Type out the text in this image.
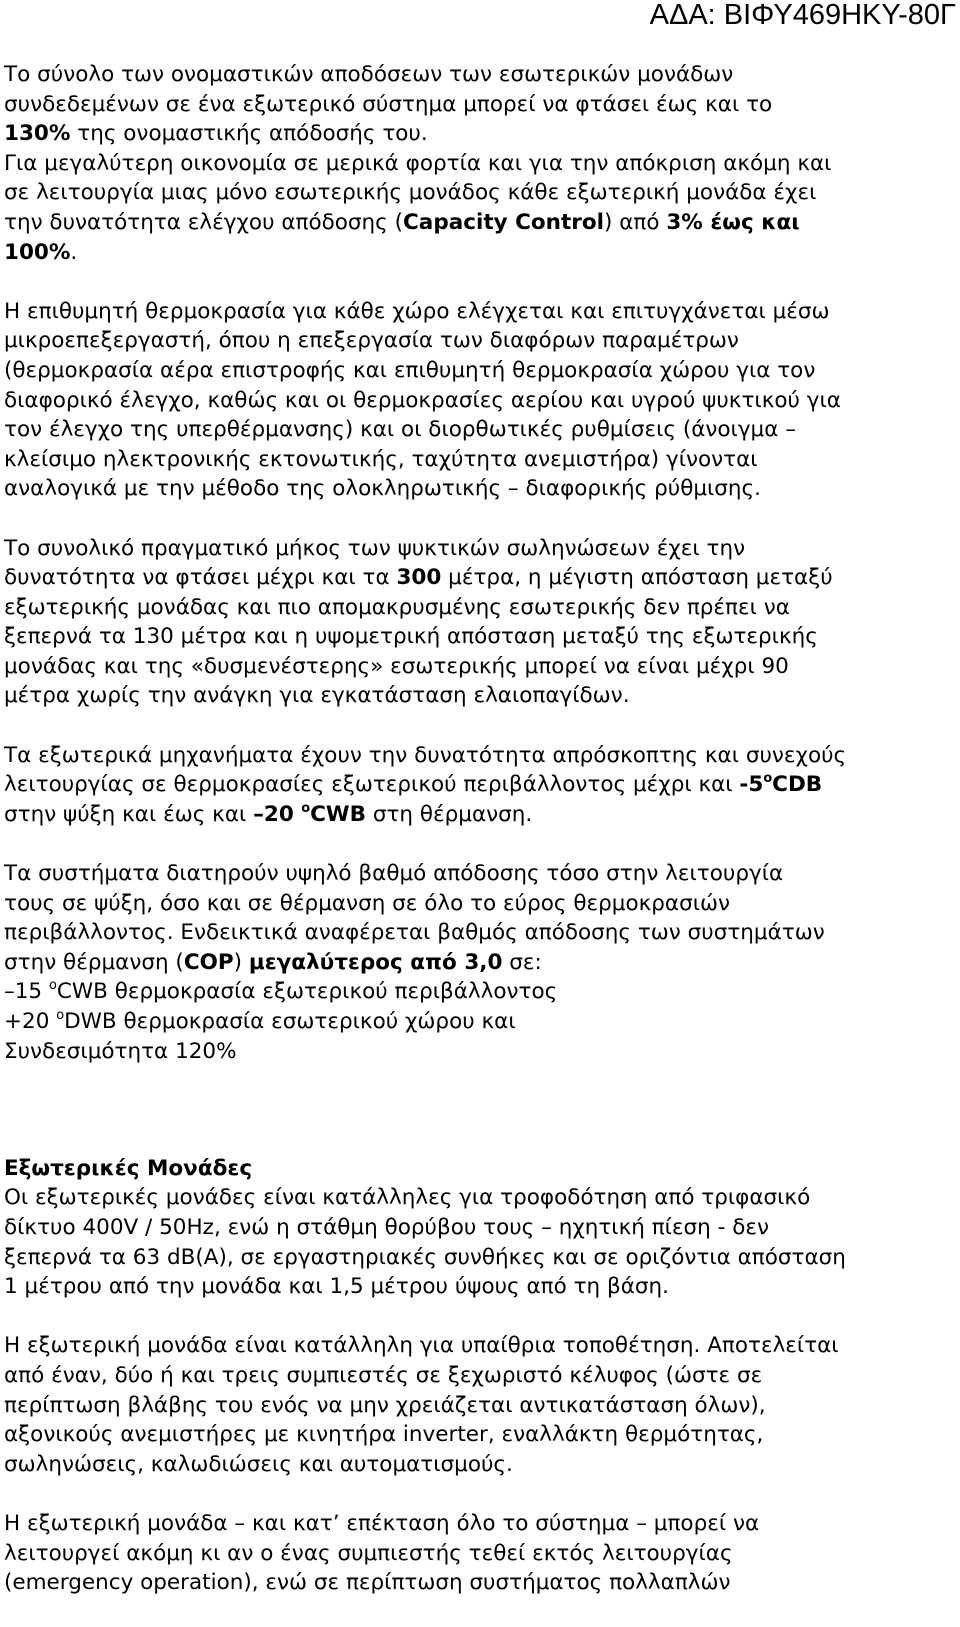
ΑΔΑ: ΒΙΦΥ469ΗΚΥ-80Γ
Το σύνολο των ονομαστικών αποδόσεων των εσωτερικών μονάδων
συνδεδεμένων σε ένα εξωτερικό σύστημα μπορεί να φτάσει έως και το
130% της ονομαστικής απόδοσής του.
Για μεγαλύτερη οικονομία σε μερικά φορτία και για την απόκριση ακόμη και
σε λειτουργία μιας μόνο εσωτερικής μονάδος κάθε εξωτερική μονάδα έχει
την δυνατότητα ελέγχου απόδοσης (Capacity Control) από 3% έως και
100%.
Η επιθυμητή θερμοκρασία για κάθε χώρο ελέγχεται και επιτυγχάνεται μέσω
μικροεπεξεργαστή, όπου η επεξεργασία των διαφόρων παραμέτρων
(θερμοκρασία αέρα επιστροφής και επιθυμητή θερμοκρασία χώρου για τον
διαφορικό έλεγχο, καθώς και οι θερμοκρασίες αερίου και υγρού ψυκτικού για
τον έλεγχο της υπερθέρμανσης) και οι διορθωτικές ρυθμίσεις (άνοιγμα –
κλείσιμο ηλεκτρονικής εκτονωτικής, ταχύτητα ανεμιστήρα) γίνονται
αναλογικά με την μέθοδο της ολοκληρωτικής – διαφορικής ρύθμισης.
Το συνολικό πραγματικό μήκος των ψυκτικών σωληνώσεων έχει την
δυνατότητα να φτάσει μέχρι και τα 300 μέτρα, η μέγιστη απόσταση μεταξύ
εξωτερικής μονάδας και πιο απομακρυσμένης εσωτερικής δεν πρέπει να
ξεπερνά τα 130 μέτρα και η υψομετρική απόσταση μεταξύ της εξωτερικής
μονάδας και της «δυσμενέστερης» εσωτερικής μπορεί να είναι μέχρι 90
μέτρα χωρίς την ανάγκη για εγκατάσταση ελαιοπαγίδων.
Τα εξωτερικά μηχανήματα έχουν την δυνατότητα απρόσκοπτης και συνεχούς
λειτουργίας σε θερμοκρασίες εξωτερικού περιβάλλοντος μέχρι και -5$^o$CDB
στην ψύξη και έως και –20 $^o$CWB στη θέρμανση.
Τα συστήματα διατηρούν υψηλό βαθμό απόδοσης τόσο στην λειτουργία
τους σε ψύξη, όσο και σε θέρμανση σε όλο το εύρος θερμοκρασιών
περιβάλλοντος. Ενδεικτικά αναφέρεται βαθμός απόδοσης των συστημάτων
στην θέρμανση (COP) μεγαλύτερος από 3,0 σε:
–15 $^o$CWB θερμοκρασία εξωτερικού περιβάλλοντος
+20 $^o$DWB θερμοκρασία εσωτερικού χώρου και
Συνδεσιμότητα 120%
Εξωτερικές Μονάδες
Οι εξωτερικές μονάδες είναι κατάλληλες για τροφοδότηση από τριφασικό
δίκτυο 400V / 50Hz, ενώ η στάθμη θορύβου τους – ηχητική πίεση - δεν
ξεπερνά τα 63 dB(A), σε εργαστηριακές συνθήκες και σε οριζόντια απόσταση
1 μέτρου από την μονάδα και 1,5 μέτρου ύψους από τη βάση.
Η εξωτερική μονάδα είναι κατάλληλη για υπαίθρια τοποθέτηση. Αποτελείται
από έναν, δύο ή και τρεις συμπιεστές σε ξεχωριστό κέλυφος (ώστε σε
περίπτωση βλάβης του ενός να μην χρειάζεται αντικατάσταση όλων),
αξονικούς ανεμιστήρες με κινητήρα inverter, εναλλάκτη θερμότητας,
σωληνώσεις, καλωδιώσεις και αυτοματισμούς.
Η εξωτερική μονάδα – και κατ’ επέκταση όλο το σύστημα – μπορεί να
λειτουργεί ακόμη κι αν ο ένας συμπιεστής τεθεί εκτός λειτουργίας
(emergency operation), ενώ σε περίπτωση συστήματος πολλαπλών
